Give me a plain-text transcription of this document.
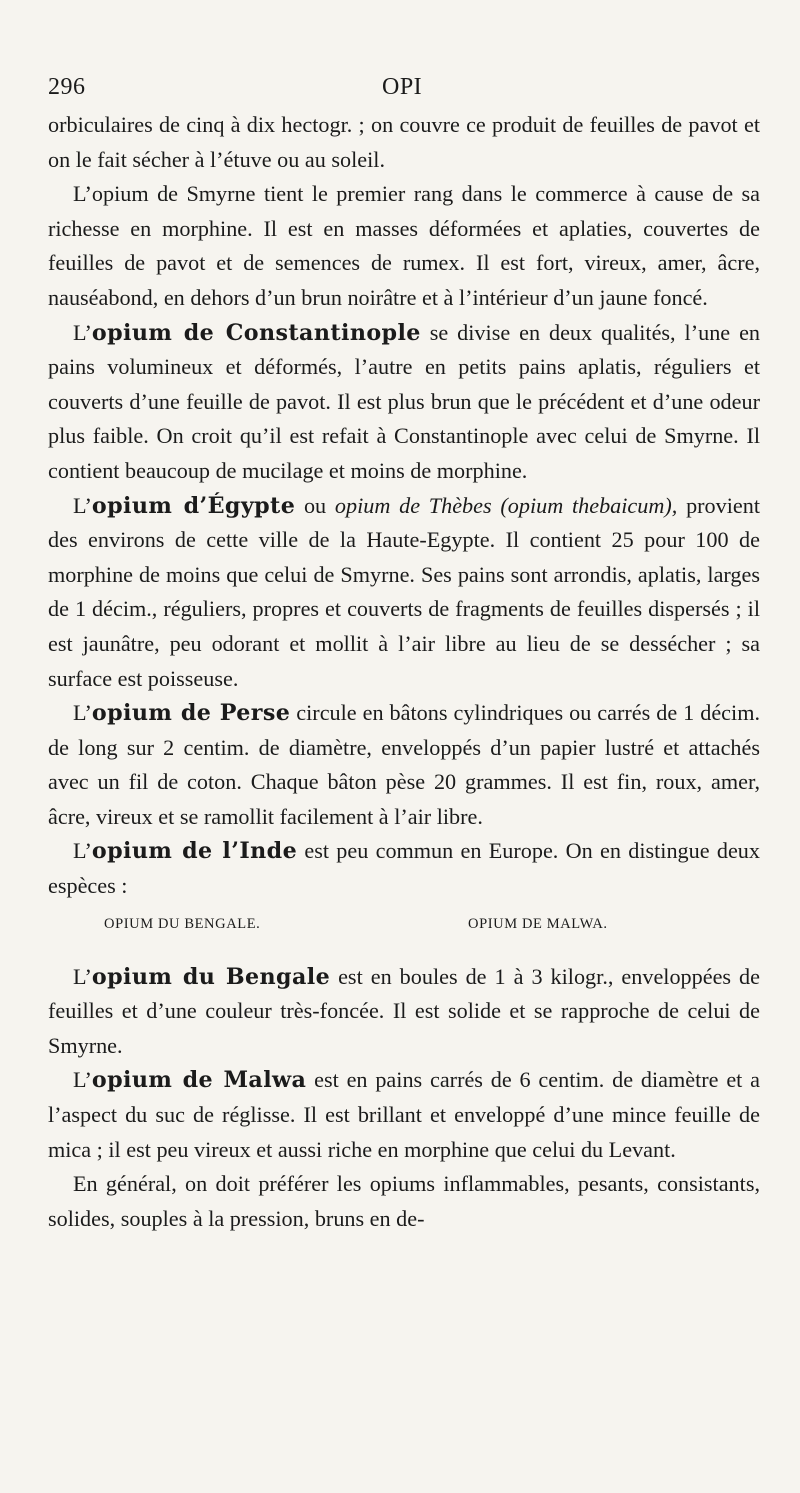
296	OPI

orbiculaires de cinq à dix hectogr. ; on couvre ce produit de feuilles de pavot et on le fait sécher à l’étuve ou au soleil.

L’opium de Smyrne tient le premier rang dans le commerce à cause de sa richesse en morphine. Il est en masses déformées et aplaties, couvertes de feuilles de pavot et de semences de rumex. Il est fort, vireux, amer, âcre, nauséabond, en dehors d’un brun noirâtre et à l’intérieur d’un jaune foncé.

L’opium de Constantinople se divise en deux qualités, l’une en pains volumineux et déformés, l’autre en petits pains aplatis, réguliers et couverts d’une feuille de pavot. Il est plus brun que le précédent et d’une odeur plus faible. On croit qu’il est refait à Constantinople avec celui de Smyrne. Il contient beaucoup de mucilage et moins de morphine.

L’opium d’Égypte ou opium de Thèbes (opium thebaicum), provient des environs de cette ville de la Haute-Egypte. Il contient 25 pour 100 de morphine de moins que celui de Smyrne. Ses pains sont arrondis, aplatis, larges de 1 décim., réguliers, propres et couverts de fragments de feuilles dispersés ; il est jaunâtre, peu odorant et mollit à l’air libre au lieu de se dessécher ; sa surface est poisseuse.

L’opium de Perse circule en bâtons cylindriques ou carrés de 1 décim. de long sur 2 centim. de diamètre, enveloppés d’un papier lustré et attachés avec un fil de coton. Chaque bâton pèse 20 grammes. Il est fin, roux, amer, âcre, vireux et se ramollit facilement à l’air libre.

L’opium de l’Inde est peu commun en Europe. On en distingue deux espèces :

OPIUM DU BENGALE.	OPIUM DE MALWA.

L’opium du Bengale est en boules de 1 à 3 kilogr., enveloppées de feuilles et d’une couleur très-foncée. Il est solide et se rapproche de celui de Smyrne.

L’opium de Malwa est en pains carrés de 6 centim. de diamètre et a l’aspect du suc de réglisse. Il est brillant et enveloppé d’une mince feuille de mica ; il est peu vireux et aussi riche en morphine que celui du Levant.

En général, on doit préférer les opiums inflammables, pesants, consistants, solides, souples à la pression, bruns en de-
